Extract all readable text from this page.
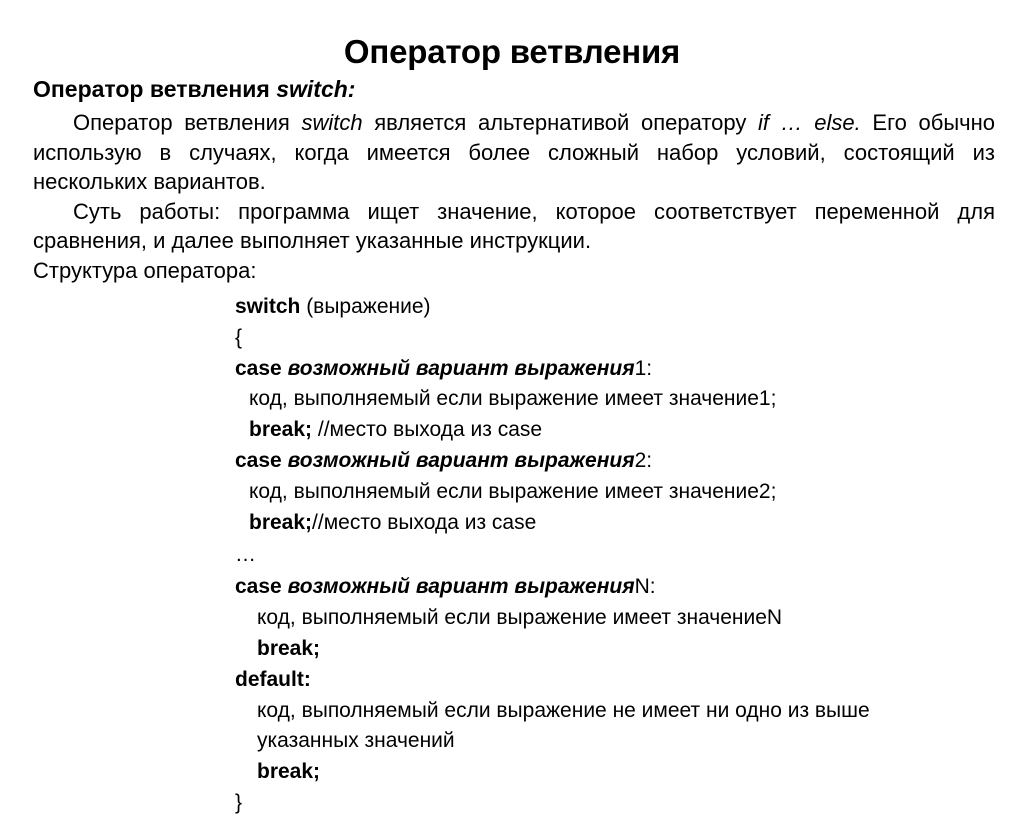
Оператор ветвления
Оператор ветвления switch:

Оператор ветвления switch является альтернативой оператору if … else. Его обычно использую в случаях, когда имеется более сложный набор условий, состоящий из нескольких вариантов.

Суть работы: программа ищет значение, которое соответствует переменной для сравнения, и далее выполняет указанные инструкции.

Структура оператора:

switch (выражение)
{
case возможный вариант выражения1:
код, выполняемый если выражение имеет значение1;
break; //место выхода из case
case возможный вариант выражения2:
код, выполняемый если выражение имеет значение2;
break;//место выхода из case
…
case возможный вариант выраженияN:
код, выполняемый если выражение имеет значениеN
break;
default:
код, выполняемый если выражение не имеет ни одно из выше
указанных значений
break;
}
